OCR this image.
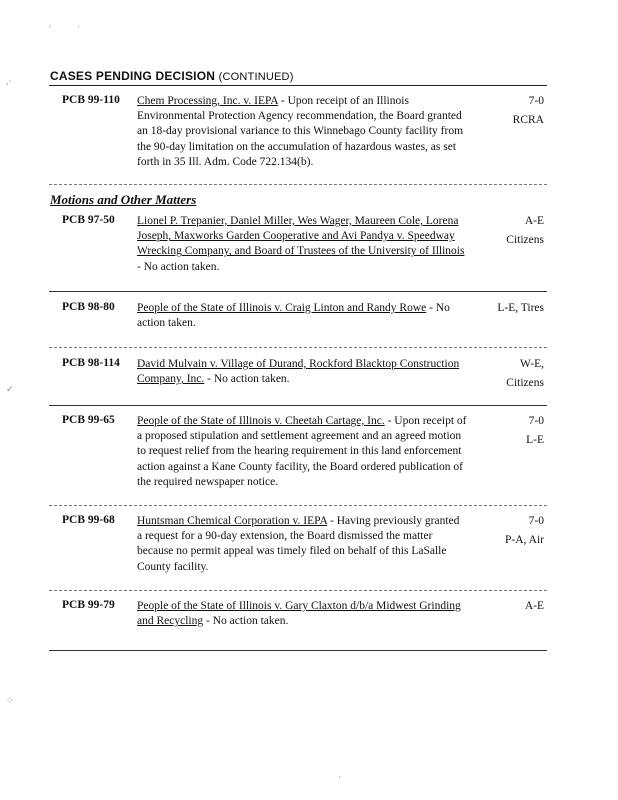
'	'
,·
✓
⁘
CASES PENDING DECISION (CONTINUED)
PCB 99-110 Chem Processing, Inc. v. IEPA - Upon receipt of an Illinois Environmental Protection Agency recommendation, the Board granted an 18-day provisional variance to this Winnebago County facility from the 90-day limitation on the accumulation of hazardous wastes, as set forth in 35 Ill. Adm. Code 722.134(b).
7-0
RCRA
Motions and Other Matters
PCB 97-50 Lionel P. Trepanier, Daniel Miller, Wes Wager, Maureen Cole, Lorena Joseph, Maxworks Garden Cooperative and Avi Pandya v. Speedway Wrecking Company, and Board of Trustees of the University of Illinois - No action taken.
A-E
Citizens
PCB 98-80 People of the State of Illinois v. Craig Linton and Randy Rowe - No action taken.
L-E, Tires
PCB 98-114 David Mulvain v. Village of Durand, Rockford Blacktop Construction Company, Inc. - No action taken.
W-E,
Citizens
PCB 99-65 People of the State of Illinois v. Cheetah Cartage, Inc. - Upon receipt of a proposed stipulation and settlement agreement and an agreed motion to request relief from the hearing requirement in this land enforcement action against a Kane County facility, the Board ordered publication of the required newspaper notice.
7-0
L-E
PCB 99-68 Huntsman Chemical Corporation v. IEPA - Having previously granted a request for a 90-day extension, the Board dismissed the matter because no permit appeal was timely filed on behalf of this LaSalle County facility.
7-0
P-A, Air
PCB 99-79 People of the State of Illinois v. Gary Claxton d/b/a Midwest Grinding and Recycling - No action taken.
A-E
·
